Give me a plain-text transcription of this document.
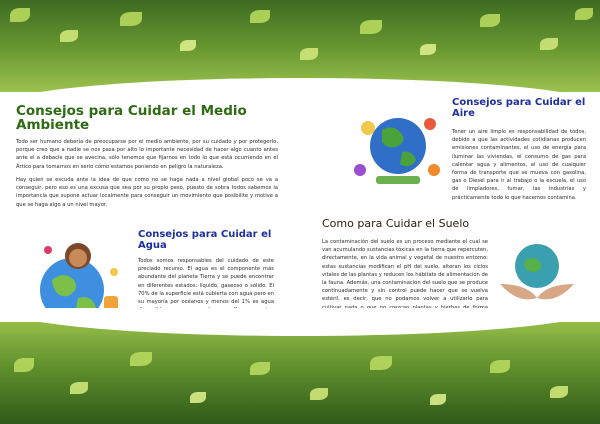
Consejos para Cuidar el Medio Ambiente

Todo ser humano debería de preocuparse por el medio ambiente, por su cuidado y por protegerlo, porque creo que a nadie se nos pasa por alto lo importante necesidad de hacer algo cuanto antes ante el a debacle que se avecina, sólo tenemos que fijarnos en todo lo que está ocurriendo en el Ártico para tomarnos en serio cómo estamos poniendo en peligro la naturaleza.

Hay quien se escuda ante la idea de que como no se haga nada a nivel global poco se va a conseguir, pero eso es una excusa que sea por su propio peso, puesto de sobra todos sabemos la importancia que supone actuar localmente para conseguir un movimiento que posibilite y motive a que se haga algo a un nivel mayor.

Consejos para Cuidar el Aire

Tener un aire limpio es responsabilidad de todos, debido a que las actividades cotidianas producen emisiones contaminantes, el uso de energía para iluminar las viviendas, el consumo de gas para calentar agua y alimentos, el uso de cualquier forma de transporte que se mueva con gasolina, gas o Diesel para ir al trabajo o la escuela, el uso de limpiadores, fumar, las industrias y prácticamente todo lo que hacemos contamina.

Consejos para Cuidar el Agua

Todos somos responsables del cuidado de este preciado recurso. El agua es el componente más abundante del planeta Tierra y se puede encontrar en diferentes estados: líquido, gaseoso o sólido. El 70% de la superficie está cubierta con agua pero en su mayoría por océanos y menos del 1% es agua

Como para Cuidar el Suelo

La contaminación del suelo es un proceso mediante el cual se van acumulando sustancias tóxicas en la tierra que repercuten, directamente, en la vida animal y vegetal de nuestro entorno: estas sustancias modifican el pH del suelo, alteran los ciclos vitales de las plantas y reducen los hábitats de alimentación de la fauna. Además, una contaminación del suelo que se produce continuadamente y sin control puede hacer que se vuelva estéril, es decir, que no podamos volver a utilizarlo para
